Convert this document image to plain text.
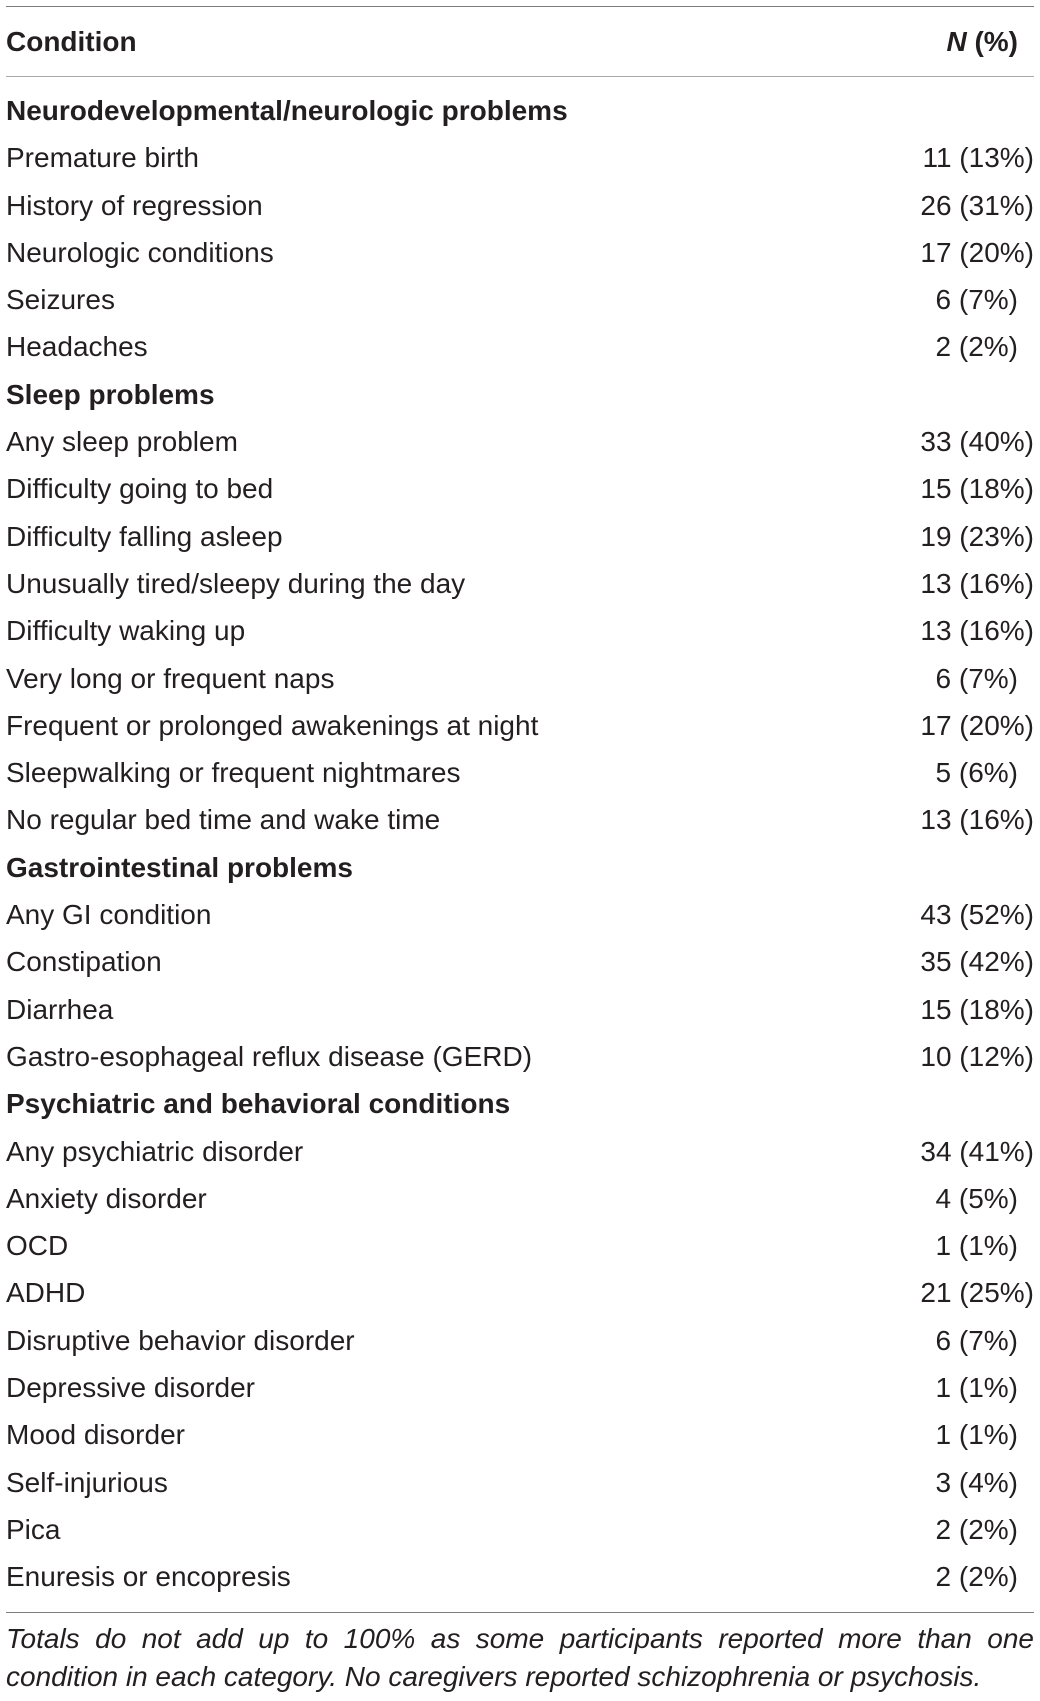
Condition	N (%)
Neurodevelopmental/neurologic problems
Premature birth	11 (13%)
History of regression	26 (31%)
Neurologic conditions	17 (20%)
Seizures	6 (7%)
Headaches	2 (2%)
Sleep problems
Any sleep problem	33 (40%)
Difficulty going to bed	15 (18%)
Difficulty falling asleep	19 (23%)
Unusually tired/sleepy during the day	13 (16%)
Difficulty waking up	13 (16%)
Very long or frequent naps	6 (7%)
Frequent or prolonged awakenings at night	17 (20%)
Sleepwalking or frequent nightmares	5 (6%)
No regular bed time and wake time	13 (16%)
Gastrointestinal problems
Any GI condition	43 (52%)
Constipation	35 (42%)
Diarrhea	15 (18%)
Gastro-esophageal reflux disease (GERD)	10 (12%)
Psychiatric and behavioral conditions
Any psychiatric disorder	34 (41%)
Anxiety disorder	4 (5%)
OCD	1 (1%)
ADHD	21 (25%)
Disruptive behavior disorder	6 (7%)
Depressive disorder	1 (1%)
Mood disorder	1 (1%)
Self-injurious	3 (4%)
Pica	2 (2%)
Enuresis or encopresis	2 (2%)
Totals do not add up to 100% as some participants reported more than one condition in each category. No caregivers reported schizophrenia or psychosis.
